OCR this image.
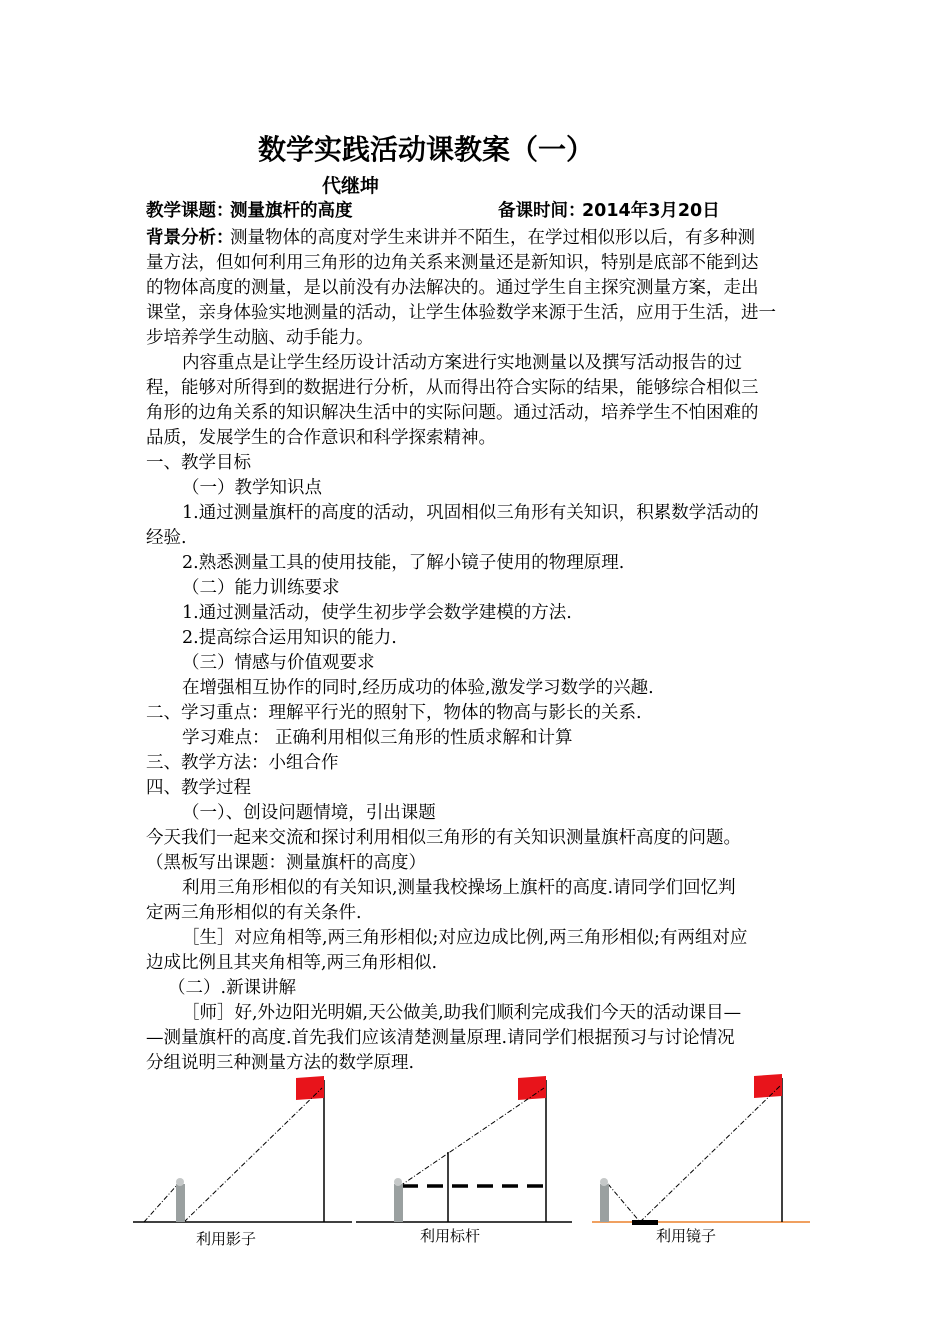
数学实践活动课教案（一）
代继坤
教学课题：
测量旗杆的高度	备课时间：
2014年3月20日
背景分析：
测量物体的高度对学生来讲并不陌生，在学过相似形以后，有多种测
量方法，但如何利用三角形的边角关系来测量还是新知识，特别是底部不能到达
的物体高度的测量，是以前没有办法解决的。通过学生自主探究测量方案，走出
课堂，亲身体验实地测量的活动，让学生体验数学来源于生活，应用于生活，进一
步培养学生动脑、动手能力。
内容重点是让学生经历设计活动方案进行实地测量以及撰写活动报告的过
程，能够对所得到的数据进行分析，从而得出符合实际的结果，能够综合相似三
角形的边角关系的知识解决生活中的实际问题。通过活动，培养学生不怕困难的
品质，发展学生的合作意识和科学探索精神。
一、教学目标
（一）教学知识点
1.通过测量旗杆的高度的活动，巩固相似三角形有关知识，积累数学活动的
经验.
2.熟悉测量工具的使用技能，了解小镜子使用的物理原理.
（二）能力训练要求
1.通过测量活动，使学生初步学会数学建模的方法.
2.提高综合运用知识的能力.
（三）情感与价值观要求
在增强相互协作的同时,经历成功的体验,激发学习数学的兴趣.
二、学习重点：理解平行光的照射下，物体的物高与影长的关系.
学习难点： 正确利用相似三角形的性质求解和计算
三、教学方法：小组合作
四、教学过程
（一）、创设问题情境，引出课题
今天我们一起来交流和探讨利用相似三角形的有关知识测量旗杆高度的问题。
（黑板写出课题：测量旗杆的高度）
利用三角形相似的有关知识,测量我校操场上旗杆的高度.请同学们回忆判
定两三角形相似的有关条件.
［生］对应角相等,两三角形相似;对应边成比例,两三角形相似;有两组对应
边成比例且其夹角相等,两三角形相似.
（二）.新课讲解
［师］好,外边阳光明媚,天公做美,助我们顺利完成我们今天的活动课目—
—测量旗杆的高度.首先我们应该清楚测量原理.请同学们根据预习与讨论情况
分组说明三种测量方法的数学原理.
利用影子	利用标杆	利用镜子
